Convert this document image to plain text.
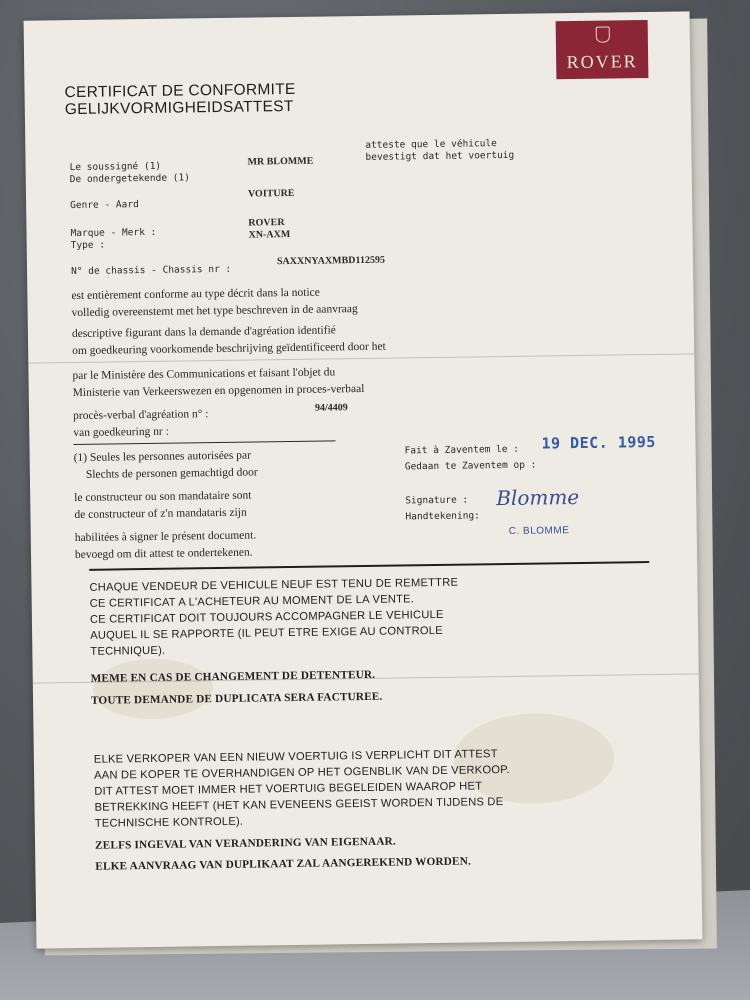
ROVER
CERTIFICAT DE CONFORMITE
GELIJKVORMIGHEIDSATTEST
atteste que le véhicule
bevestigt dat het voertuig
Le soussigné (1)
De ondergetekende (1)
MR BLOMME
Genre - Aard
VOITURE
Marque - Merk :
Type :
ROVER
XN-AXM
N° de chassis - Chassis nr :
SAXXNYAXMBD112595
est entièrement conforme au type décrit dans la notice
volledig overeenstemt met het type beschreven in de aanvraag
descriptive figurant dans la demande d'agréation identifié
om goedkeuring voorkomende beschrijving geïdentificeerd door het
par le Ministère des Communications et faisant l'objet du
Ministerie van Verkeerswezen en opgenomen in proces-verbaal
procès-verbal d'agréation n° :
van goedkeuring nr :
94/4409
(1) Seules les personnes autorisées par
Slechts de personen gemachtigd door
le constructeur ou son mandataire sont
de constructeur of z'n mandataris zijn
habilitées à signer le présent document.
bevoegd om dit attest te ondertekenen.
Fait à Zaventem le :
Gedaan te Zaventem op :
19 DEC. 1995
Signature :
Handtekening:
Blomme
C. BLOMME
CHAQUE VENDEUR DE VEHICULE NEUF EST TENU DE REMETTRE
CE CERTIFICAT A L'ACHETEUR AU MOMENT DE LA VENTE.
CE CERTIFICAT DOIT TOUJOURS ACCOMPAGNER LE VEHICULE
AUQUEL IL SE RAPPORTE (IL PEUT ETRE EXIGE AU CONTROLE
TECHNIQUE).
MEME EN CAS DE CHANGEMENT DE DETENTEUR.
TOUTE DEMANDE DE DUPLICATA SERA FACTUREE.
ELKE VERKOPER VAN EEN NIEUW VOERTUIG IS VERPLICHT DIT ATTEST
AAN DE KOPER TE OVERHANDIGEN OP HET OGENBLIK VAN DE VERKOOP.
DIT ATTEST MOET IMMER HET VOERTUIG BEGELEIDEN WAAROP HET
BETREKKING HEEFT (HET KAN EVENEENS GEEIST WORDEN TIJDENS DE
TECHNISCHE KONTROLE).
ZELFS INGEVAL VAN VERANDERING VAN EIGENAAR.
ELKE AANVRAAG VAN DUPLIKAAT ZAL AANGEREKEND WORDEN.
